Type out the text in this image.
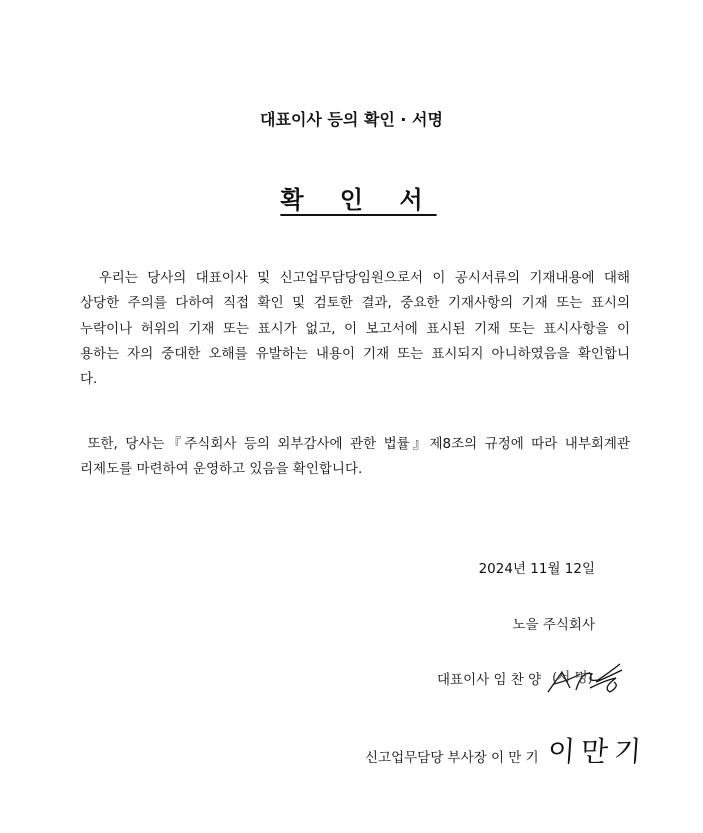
대표이사 등의 확인 · 서명
확 인 서
우리는 당사의 대표이사 및 신고업무담당임원으로서 이 공시서류의 기재내용에 대해
상당한 주의를 다하여 직접 확인 및 검토한 결과, 중요한 기재사항의 기재 또는 표시의
누락이나 허위의 기재 또는 표시가 없고, 이 보고서에 표시된 기재 또는 표시사항을 이
용하는 자의 중대한 오해를 유발하는 내용이 기재 또는 표시되지 아니하였음을 확인합니
다.
또한, 당사는『주식회사 등의 외부감사에 관한 법률』제8조의 규정에 따라 내부회계관
리제도를 마련하여 운영하고 있음을 확인합니다.
2024년 11월 12일
노을 주식회사
대표이사 임 찬 양 (서 명)
신고업무담당 부사장 이 만 기 이만기
